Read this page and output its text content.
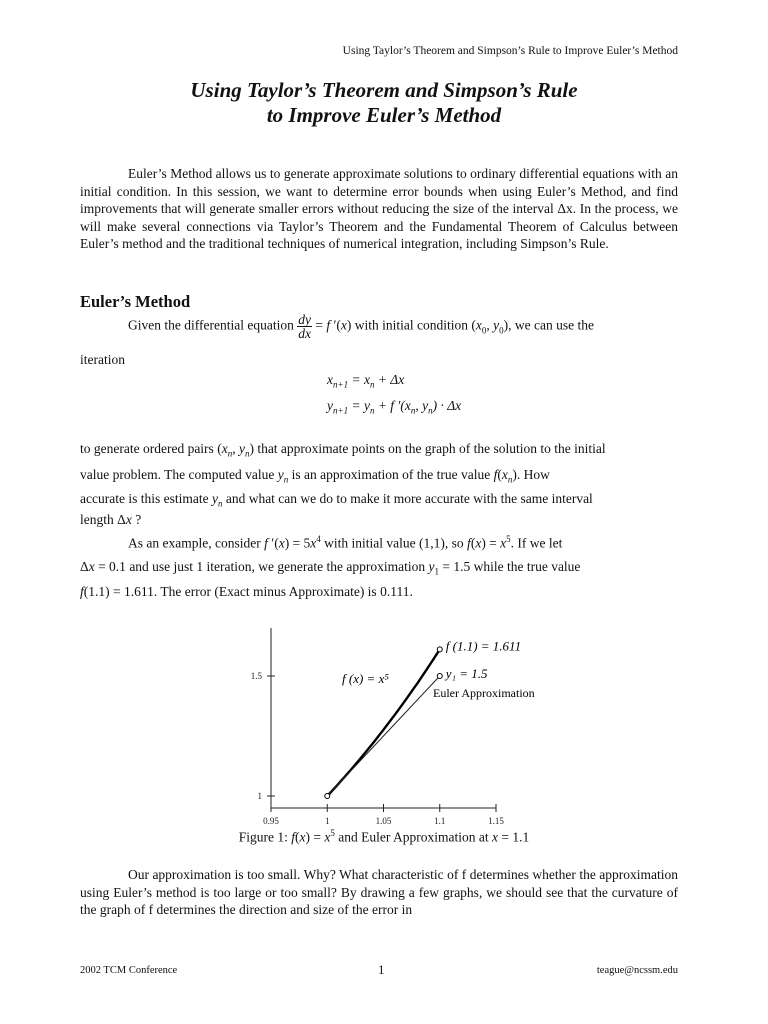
Using Taylor’s Theorem and Simpson’s Rule to Improve Euler’s Method
Using Taylor’s Theorem and Simpson’s Rule
to Improve Euler’s Method
Euler’s Method allows us to generate approximate solutions to ordinary differential equations with an initial condition. In this session, we want to determine error bounds when using Euler’s Method, and find improvements that will generate smaller errors without reducing the size of the interval Δx. In the process, we will make several connections via Taylor’s Theorem and the Fundamental Theorem of Calculus between Euler’s method and the traditional techniques of numerical integration, including Simpson’s Rule.
Euler’s Method
Given the differential equation $\frac{dy}{dx} = f$ ′(x) with initial condition ($x_0$, $y_0$), we can use the
iteration
$x_{n+1} = x_n + \Delta x$
$y_{n+1} = y_n + f$ $'(x_n$, $y_n) \cdot \Delta x$
to generate ordered pairs ($x_n$, $y_n$) that approximate points on the graph of the solution to the initial
value problem. The computed value $y_n$ is an approximation of the true value $f(x_n)$. How
accurate is this estimate $y_n$ and what can we do to make it more accurate with the same interval
length Δx ?
As an example, consider f $'(x) = 5x^4$ with initial value (1,1), so $f(x) = x^5$. If we let
Δx = 0.1 and use just 1 iteration, we generate the approximation $y_1 = 1.5$ while the true value
f(1.1) = 1.611. The error (Exact minus Approximate) is 0.111.
0.95	1	1.05	1.1	1.15
1
1.5
f (1.1) = 1.611
f (x) = x⁵	y₁ = 1.5
Euler Approximation
Figure 1: $f(x) = x^5$ and Euler Approximation at x = 1.1
Our approximation is too small. Why? What characteristic of f determines whether the approximation using Euler’s method is too large or too small? By drawing a few graphs, we should see that the curvature of the graph of f determines the direction and size of the error in
2002 TCM Conference	1	teague@ncssm.edu
